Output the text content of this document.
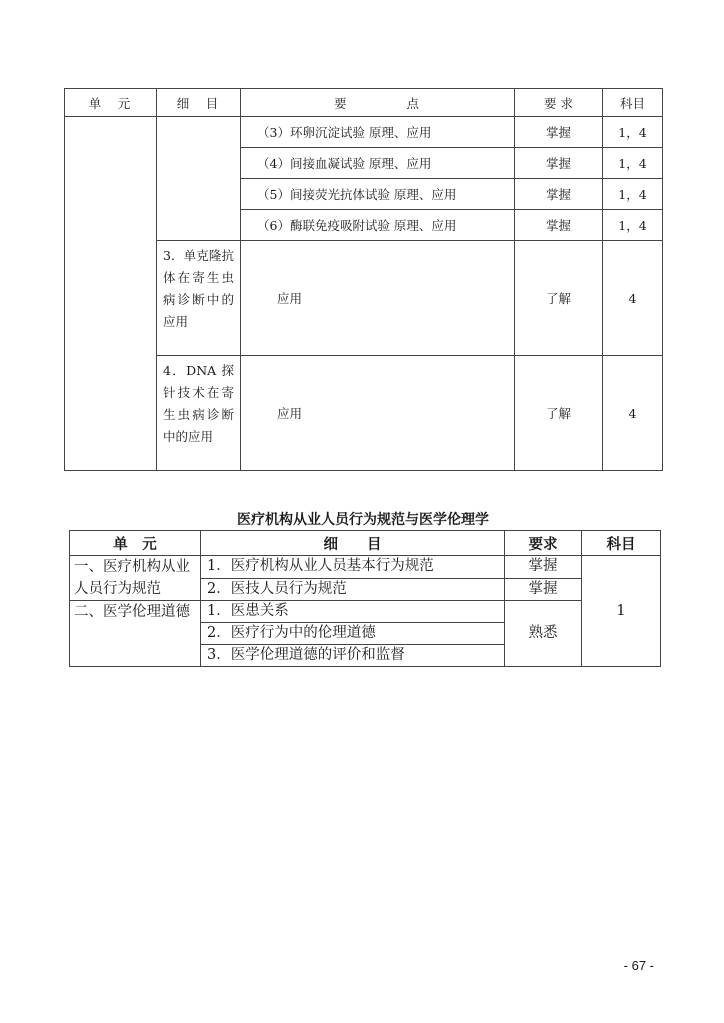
单　元	细　目	要　　　　点	要 求	科目
		（3）环卵沉淀试验 原理、应用	掌握	1，4
		（4）间接血凝试验 原理、应用	掌握	1，4
		（5）间接荧光抗体试验 原理、应用	掌握	1，4
		（6）酶联免疫吸附试验 原理、应用	掌握	1，4
	3．单克隆抗体在寄生虫病诊断中的应用	应用	了解	4
	4．DNA 探针技术在寄生虫病诊断中的应用	应用	了解	4
医疗机构从业人员行为规范与医学伦理学
单　元	细　　目	要求	科目
一、医疗机构从业人员行为规范	1．医疗机构从业人员基本行为规范	掌握	1
	2．医技人员行为规范	掌握	
二、医学伦理道德	1．医患关系	熟悉	
	2．医疗行为中的伦理道德		
	3．医学伦理道德的评价和监督		
- 67 -
